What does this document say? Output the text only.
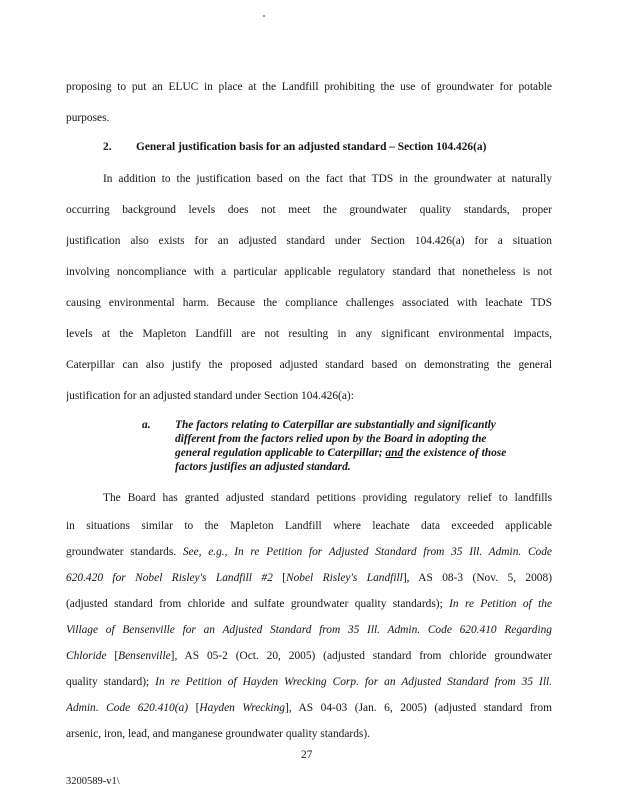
proposing to put an ELUC in place at the Landfill prohibiting the use of groundwater for potable
purposes.
2. General justification basis for an adjusted standard – Section 104.426(a)
In addition to the justification based on the fact that TDS in the groundwater at naturally
occurring background levels does not meet the groundwater quality standards, proper
justification also exists for an adjusted standard under Section 104.426(a) for a situation
involving noncompliance with a particular applicable regulatory standard that nonetheless is not
causing environmental harm. Because the compliance challenges associated with leachate TDS
levels at the Mapleton Landfill are not resulting in any significant environmental impacts,
Caterpillar can also justify the proposed adjusted standard based on demonstrating the general
justification for an adjusted standard under Section 104.426(a):
a. The factors relating to Caterpillar are substantially and significantly
different from the factors relied upon by the Board in adopting the
general regulation applicable to Caterpillar; and the existence of those
factors justifies an adjusted standard.
The Board has granted adjusted standard petitions providing regulatory relief to landfills
in situations similar to the Mapleton Landfill where leachate data exceeded applicable
groundwater standards. See, e.g., In re Petition for Adjusted Standard from 35 Ill. Admin. Code
620.420 for Nobel Risley's Landfill #2 [Nobel Risley's Landfill], AS 08-3 (Nov. 5, 2008)
(adjusted standard from chloride and sulfate groundwater quality standards); In re Petition of the
Village of Bensenville for an Adjusted Standard from 35 Ill. Admin. Code 620.410 Regarding
Chloride [Bensenville], AS 05-2 (Oct. 20, 2005) (adjusted standard from chloride groundwater
quality standard); In re Petition of Hayden Wrecking Corp. for an Adjusted Standard from 35 Ill.
Admin. Code 620.410(a) [Hayden Wrecking], AS 04-03 (Jan. 6, 2005) (adjusted standard from
arsenic, iron, lead, and manganese groundwater quality standards).
27
3200589-v1\
